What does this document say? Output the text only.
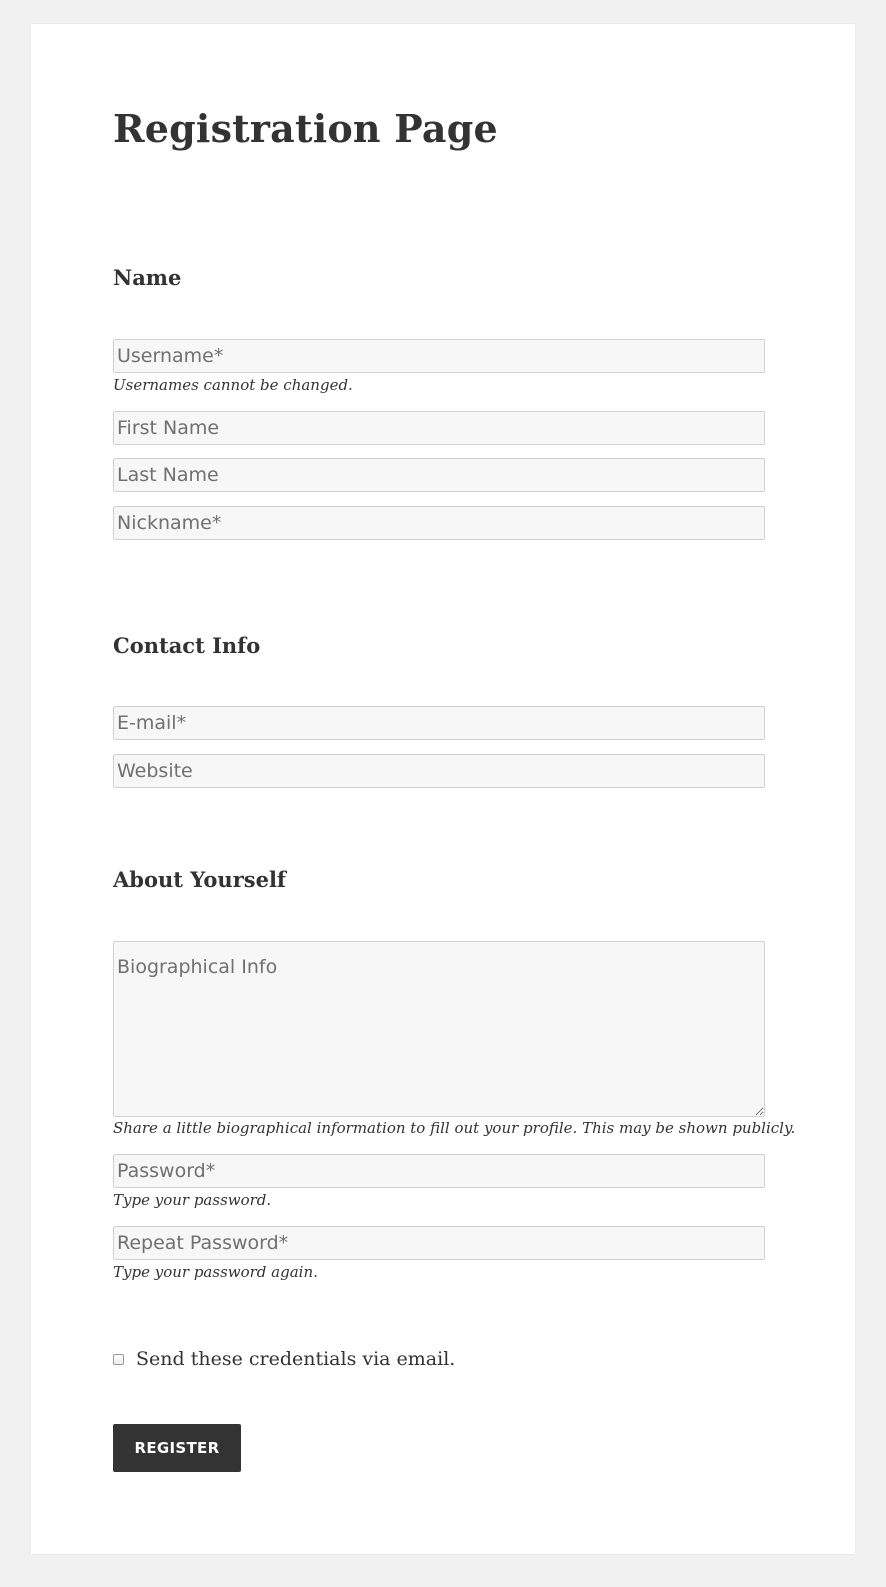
Registration Page
Name
Username*

Usernames cannot be changed.

First Name
Last Name
Nickname*
Contact Info
E-mail*
Website
About Yourself
Biographical Info

Share a little biographical information to fill out your profile. This may be shown publicly.

Type your password.

Type your password again.

Send these credentials via email.
REGISTER
